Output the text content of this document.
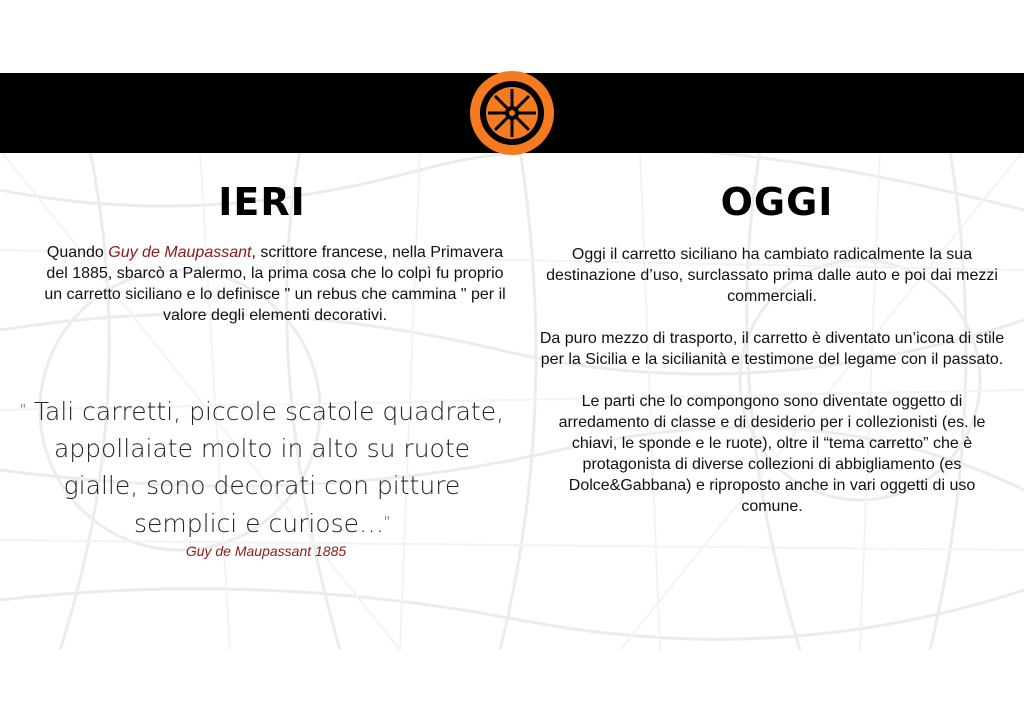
IERI	OGGI
Quando Guy de Maupassant, scrittore francese, nella Primavera del 1885, sbarcò a Palermo, la prima cosa che lo colpì fu proprio un carretto siciliano e lo definisce " un rebus che cammina " per il valore degli elementi decorativi.
" Tali carretti, piccole scatole quadrate, appollaiate molto in alto su ruote gialle, sono decorati con pitture semplici e curiose…"
Guy de Maupassant 1885

Oggi il carretto siciliano ha cambiato radicalmente la sua destinazione d’uso, surclassato prima dalle auto e poi dai mezzi commerciali.

Da puro mezzo di trasporto, il carretto è diventato un’icona di stile per la Sicilia e la sicilianità e testimone del legame con il passato.

Le parti che lo compongono sono diventate oggetto di arredamento di classe e di desiderio per i collezionisti (es. le chiavi, le sponde e le ruote), oltre il “tema carretto” che è protagonista di diverse collezioni di abbigliamento (es Dolce&Gabbana) e riproposto anche in vari oggetti di uso comune.
